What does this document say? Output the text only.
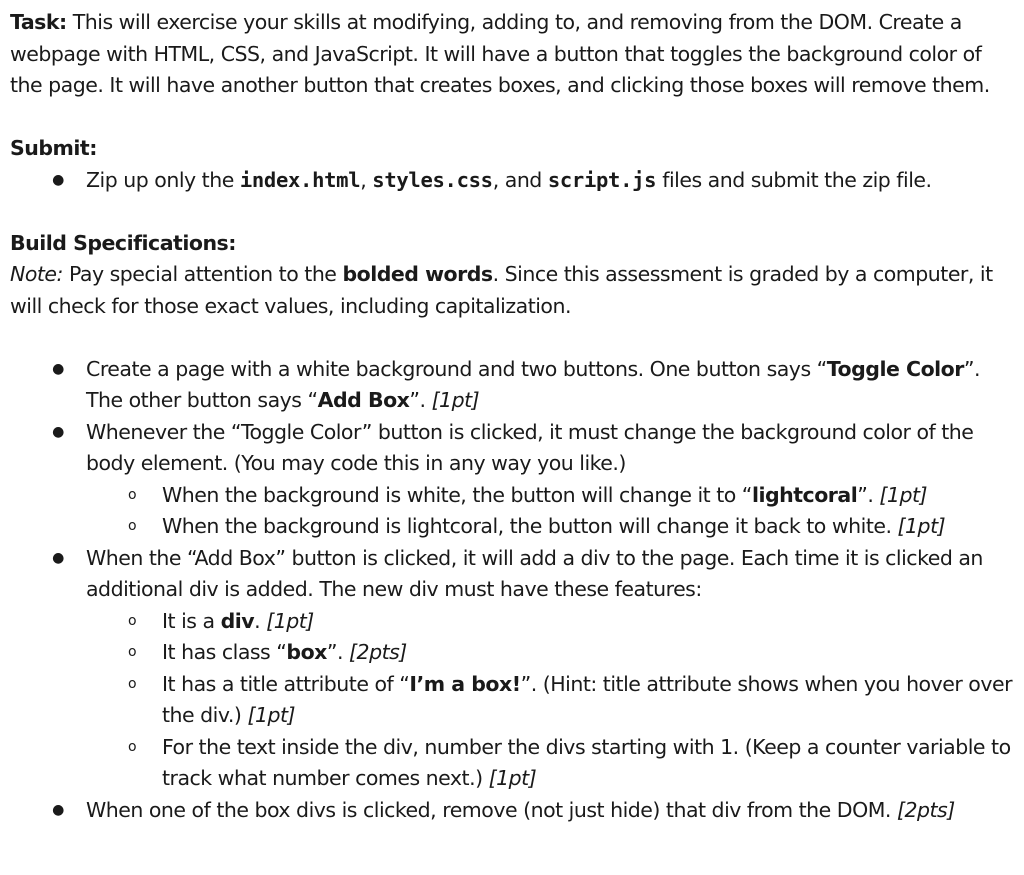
Task: This will exercise your skills at modifying, adding to, and removing from the DOM. Create a webpage with HTML, CSS, and JavaScript. It will have a button that toggles the background color of the page. It will have another button that creates boxes, and clicking those boxes will remove them.

Submit:

● Zip up only the index.html, styles.css, and script.js files and submit the zip file.

Build Specifications:

Note: Pay special attention to the bolded words. Since this assessment is graded by a computer, it will check for those exact values, including capitalization.

● Create a page with a white background and two buttons. One button says “Toggle Color”. The other button says “Add Box”. [1pt]
● Whenever the “Toggle Color” button is clicked, it must change the background color of the body element. (You may code this in any way you like.)
o When the background is white, the button will change it to “lightcoral”. [1pt]
o When the background is lightcoral, the button will change it back to white. [1pt]
● When the “Add Box” button is clicked, it will add a div to the page. Each time it is clicked an additional div is added. The new div must have these features:
o It is a div. [1pt]
o It has class “box”. [2pts]
o It has a title attribute of “I’m a box!”. (Hint: title attribute shows when you hover over the div.) [1pt]
o For the text inside the div, number the divs starting with 1. (Keep a counter variable to track what number comes next.) [1pt]
● When one of the box divs is clicked, remove (not just hide) that div from the DOM. [2pts]
